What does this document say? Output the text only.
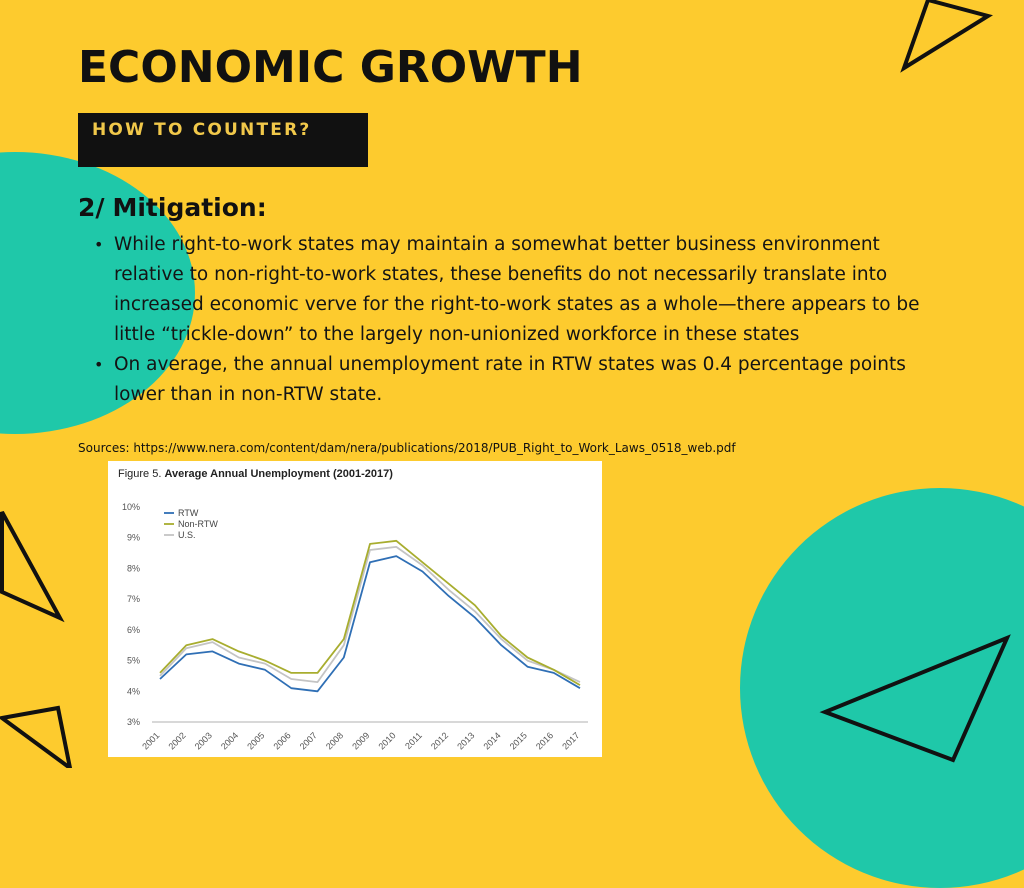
ECONOMIC GROWTH
HOW TO COUNTER?
2/ Mitigation:
• While right-to-work states may maintain a somewhat better business environment relative to non-right-to-work states, these benefits do not necessarily translate into increased economic verve for the right-to-work states as a whole—there appears to be little “trickle-down” to the largely non-unionized workforce in these states
• On average, the annual unemployment rate in RTW states was 0.4 percentage points lower than in non-RTW state.
Sources: https://www.nera.com/content/dam/nera/publications/2018/PUB_Right_to_Work_Laws_0518_web.pdf
3%
4%
5%
6%
7%
8%
9%
10%
2001 2002 2003 2004 2005 2006 2007 2008 2009 2010 2011 2012 2013 2014 2015 2016 2017
RTW
Non-RTW
U.S.
Figure 5. Average Annual Unemployment (2001-2017)
